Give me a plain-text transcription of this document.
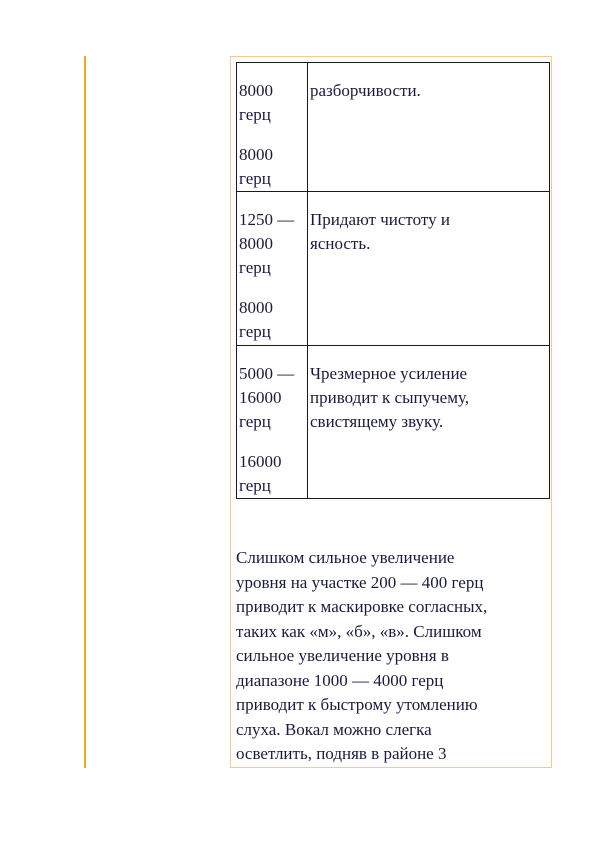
8000
герц
8000
герц	разборчивости.

1250 —
8000
герц
8000
герц	Придают чистоту и
ясность.

5000 —
16000
герц
16000
герц	Чрезмерное усиление
приводит к сыпучему,
свистящему звуку.
Слишком сильное увеличение
уровня на участке 200 — 400 герц
приводит к маскировке согласных,
таких как «м», «б», «в». Слишком
сильное увеличение уровня в
диапазоне 1000 — 4000 герц
приводит к быстрому утомлению
слуха. Вокал можно слегка
осветлить, подняв в районе 3
